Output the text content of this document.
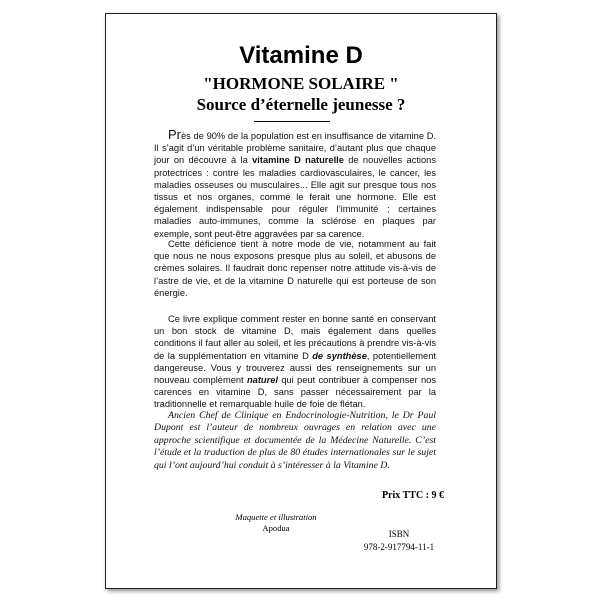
Vitamine D
"HORMONE SOLAIRE "
Source d’éternelle jeunesse ?
Près de 90% de la population est en insuffisance de vitamine D. Il s’agit d’un véritable problème sanitaire, d’autant plus que chaque jour on découvre à la vitamine D naturelle de nouvelles actions protectrices : contre les maladies cardiovasculaires, le cancer, les maladies osseuses ou musculaires... Elle agit sur presque tous nos tissus et nos organes, comme le ferait une hormone. Elle est également indispensable pour réguler l’immunité ; certaines maladies auto-immunes, comme la sclérose en plaques par exemple, sont peut-être aggravées par sa carence.
Cette déficience tient à notre mode de vie, notamment au fait que nous ne nous exposons presque plus au soleil, et abusons de crèmes solaires. Il faudrait donc repenser notre attitude vis-à-vis de l’astre de vie, et de la vitamine D naturelle qui est porteuse de son énergie.
Ce livre explique comment rester en bonne santé en conservant un bon stock de vitamine D, mais également dans quelles conditions il faut aller au soleil, et les précautions à prendre vis-à-vis de la supplémentation en vitamine D de synthèse, potentiellement dangereuse. Vous y trouverez aussi des renseignements sur un nouveau complément naturel qui peut contribuer à compenser nos carences en vitamine D, sans passer nécessairement par la traditionnelle et remarquable huile de foie de flétan.
Ancien Chef de Clinique en Endocrinologie-Nutrition, le Dr Paul Dupont est l’auteur de nombreux ouvrages en relation avec une approche scientifique et documentée de la Médecine Naturelle. C’est l’étude et la traduction de plus de 80 études internationales sur le sujet qui l’ont aujourd’hui conduit à s’intéresser à la Vitamine D.
Prix TTC : 9 €
Maquette et illustration
Apodua
ISBN
978-2-917794-11-1
